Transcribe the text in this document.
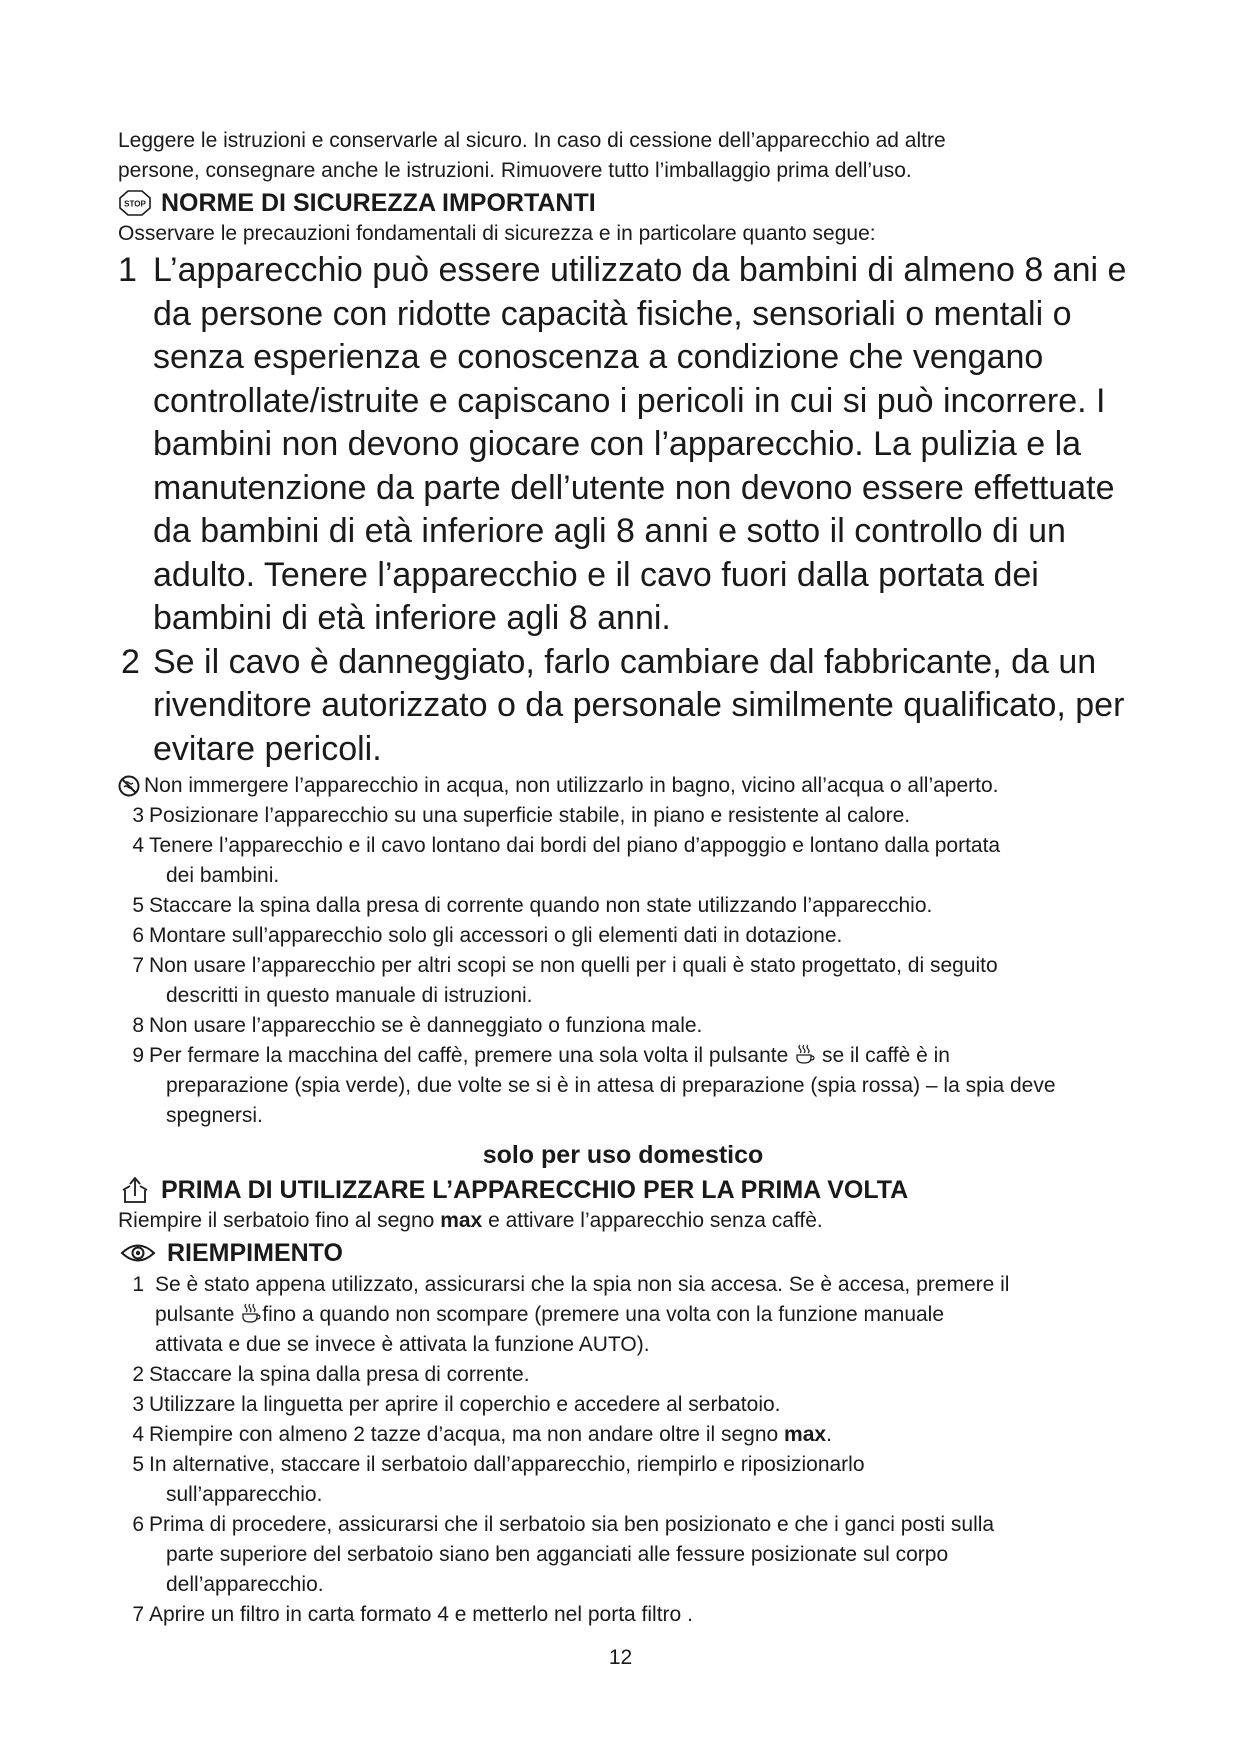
Leggere le istruzioni e conservarle al sicuro. In caso di cessione dell’apparecchio ad altre
persone, consegnare anche le istruzioni. Rimuovere tutto l’imballaggio prima dell’uso.

STOP NORME DI SICUREZZA IMPORTANTI

Osservare le precauzioni fondamentali di sicurezza e in particolare quanto segue:

1 L’apparecchio può essere utilizzato da bambini di almeno 8 ani e
da persone con ridotte capacità fisiche, sensoriali o mentali o
senza esperienza e conoscenza a condizione che vengano
controllate/istruite e capiscano i pericoli in cui si può incorrere. I
bambini non devono giocare con l’apparecchio. La pulizia e la
manutenzione da parte dell’utente non devono essere effettuate
da bambini di età inferiore agli 8 anni e sotto il controllo di un
adulto. Tenere l’apparecchio e il cavo fuori dalla portata dei
bambini di età inferiore agli 8 anni.
2 Se il cavo è danneggiato, farlo cambiare dal fabbricante, da un
rivenditore autorizzato o da personale similmente qualificato, per
evitare pericoli.
Non immergere l’apparecchio in acqua, non utilizzarlo in bagno, vicino all’acqua o all’aperto.
3 Posizionare l’apparecchio su una superficie stabile, in piano e resistente al calore.
4 Tenere l’apparecchio e il cavo lontano dai bordi del piano d’appoggio e lontano dalla portata
dei bambini.
5 Staccare la spina dalla presa di corrente quando non state utilizzando l’apparecchio.
6 Montare sull’apparecchio solo gli accessori o gli elementi dati in dotazione.
7 Non usare l’apparecchio per altri scopi se non quelli per i quali è stato progettato, di seguito
descritti in questo manuale di istruzioni.
8 Non usare l’apparecchio se è danneggiato o funziona male.
9 Per fermare la macchina del caffè, premere una sola volta il pulsante se il caffè è in
preparazione (spia verde), due volte se si è in attesa di preparazione (spia rossa) – la spia deve
spegnersi.

solo per uso domestico

PRIMA DI UTILIZZARE L’APPARECCHIO PER LA PRIMA VOLTA

Riempire il serbatoio fino al segno max e attivare l’apparecchio senza caffè.

RIEMPIMENTO
1 Se è stato appena utilizzato, assicurarsi che la spia non sia accesa. Se è accesa, premere il
pulsante fino a quando non scompare (premere una volta con la funzione manuale
attivata e due se invece è attivata la funzione AUTO).
2 Staccare la spina dalla presa di corrente.
3 Utilizzare la linguetta per aprire il coperchio e accedere al serbatoio.
4 Riempire con almeno 2 tazze d’acqua, ma non andare oltre il segno max.
5 In alternative, staccare il serbatoio dall’apparecchio, riempirlo e riposizionarlo
sull’apparecchio.
6 Prima di procedere, assicurarsi che il serbatoio sia ben posizionato e che i ganci posti sulla
parte superiore del serbatoio siano ben agganciati alle fessure posizionate sul corpo
dell’apparecchio.
7 Aprire un filtro in carta formato 4 e metterlo nel porta filtro .
12
